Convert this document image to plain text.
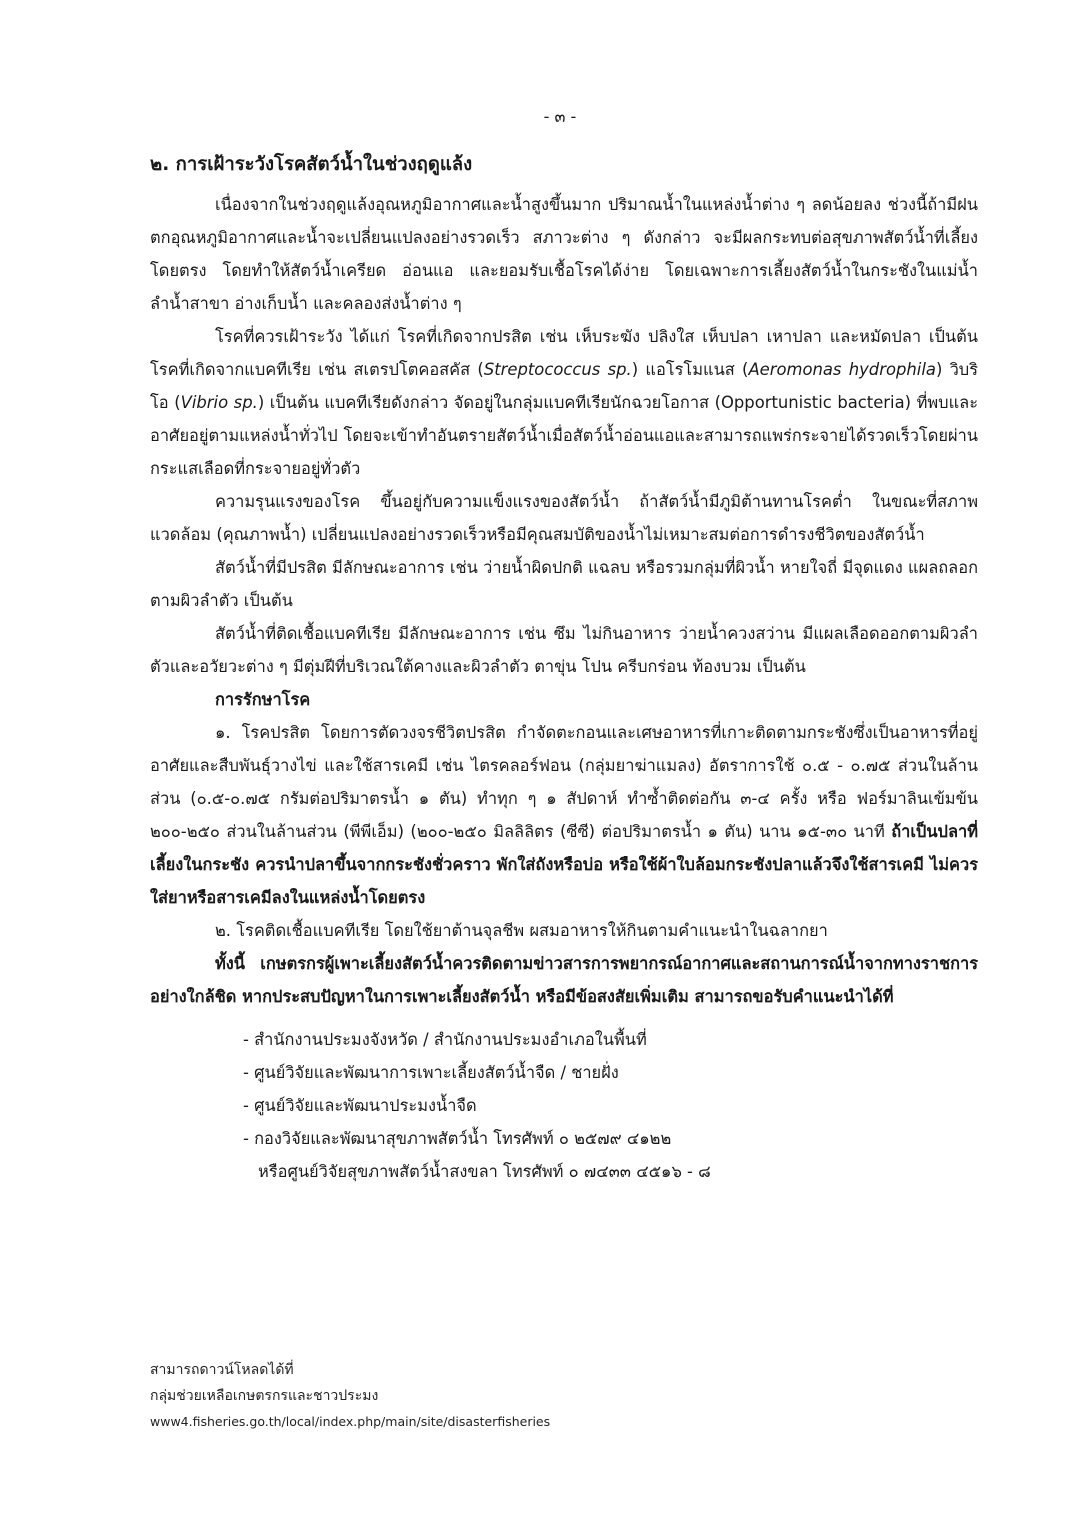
- ๓ -
๒. การเฝ้าระวังโรคสัตว์น้ำในช่วงฤดูแล้ง

เนื่องจากในช่วงฤดูแล้งอุณหภูมิอากาศและน้ำสูงขึ้นมาก ปริมาณน้ำในแหล่งน้ำต่าง ๆ ลดน้อยลง ช่วงนี้ถ้ามีฝนตกอุณหภูมิอากาศและน้ำจะเปลี่ยนแปลงอย่างรวดเร็ว สภาวะต่าง ๆ ดังกล่าว จะมีผลกระทบต่อสุขภาพสัตว์น้ำที่เลี้ยงโดยตรง โดยทำให้สัตว์น้ำเครียด อ่อนแอ และยอมรับเชื้อโรคได้ง่าย โดยเฉพาะการเลี้ยงสัตว์น้ำในกระชังในแม่น้ำ ลำน้ำสาขา อ่างเก็บน้ำ และคลองส่งน้ำต่าง ๆ

โรคที่ควรเฝ้าระวัง ได้แก่ โรคที่เกิดจากปรสิต เช่น เห็บระฆัง ปลิงใส เห็บปลา เหาปลา และหมัดปลา เป็นต้น โรคที่เกิดจากแบคทีเรีย เช่น สเตรปโตคอสคัส (Streptococcus sp.) แอโรโมแนส (Aeromonas hydrophila) วิบริโอ (Vibrio sp.) เป็นต้น แบคทีเรียดังกล่าว จัดอยู่ในกลุ่มแบคทีเรียนักฉวยโอกาส (Opportunistic bacteria) ที่พบและอาศัยอยู่ตามแหล่งน้ำทั่วไป โดยจะเข้าทำอันตรายสัตว์น้ำเมื่อสัตว์น้ำอ่อนแอและสามารถแพร่กระจายได้รวดเร็วโดยผ่านกระแสเลือดที่กระจายอยู่ทั่วตัว

ความรุนแรงของโรค ขึ้นอยู่กับความแข็งแรงของสัตว์น้ำ ถ้าสัตว์น้ำมีภูมิต้านทานโรคต่ำ ในขณะที่สภาพแวดล้อม (คุณภาพน้ำ) เปลี่ยนแปลงอย่างรวดเร็วหรือมีคุณสมบัติของน้ำไม่เหมาะสมต่อการดำรงชีวิตของสัตว์น้ำ

สัตว์น้ำที่มีปรสิต มีลักษณะอาการ เช่น ว่ายน้ำผิดปกติ แฉลบ หรือรวมกลุ่มที่ผิวน้ำ หายใจถี่ มีจุดแดง แผลถลอกตามผิวลำตัว เป็นต้น

สัตว์น้ำที่ติดเชื้อแบคทีเรีย มีลักษณะอาการ เช่น ซึม ไม่กินอาหาร ว่ายน้ำควงสว่าน มีแผลเลือดออกตามผิวลำตัวและอวัยวะต่าง ๆ มีตุ่มฝีที่บริเวณใต้คางและผิวลำตัว ตาขุ่น โปน ครีบกร่อน ท้องบวม เป็นต้น

การรักษาโรค

๑. โรคปรสิต โดยการตัดวงจรชีวิตปรสิต กำจัดตะกอนและเศษอาหารที่เกาะติดตามกระชังซึ่งเป็นอาหารที่อยู่อาศัยและสืบพันธุ์วางไข่ และใช้สารเคมี เช่น ไตรคลอร์ฟอน (กลุ่มยาฆ่าแมลง) อัตราการใช้ ๐.๕ - ๐.๗๕ ส่วนในล้านส่วน (๐.๕-๐.๗๕ กรัมต่อปริมาตรน้ำ ๑ ตัน) ทำทุก ๆ ๑ สัปดาห์ ทำซ้ำติดต่อกัน ๓-๔ ครั้ง หรือ ฟอร์มาลินเข้มข้น ๒๐๐-๒๕๐ ส่วนในล้านส่วน (พีพีเอ็ม) (๒๐๐-๒๕๐ มิลลิลิตร (ซีซี) ต่อปริมาตรน้ำ ๑ ตัน) นาน ๑๕-๓๐ นาที ถ้าเป็นปลาที่เลี้ยงในกระชัง ควรนำปลาขึ้นจากกระชังชั่วคราว พักใส่ถังหรือบ่อ หรือใช้ผ้าใบล้อมกระชังปลาแล้วจึงใช้สารเคมี ไม่ควรใส่ยาหรือสารเคมีลงในแหล่งน้ำโดยตรง

๒. โรคติดเชื้อแบคทีเรีย โดยใช้ยาต้านจุลชีพ ผสมอาหารให้กินตามคำแนะนำในฉลากยา

ทั้งนี้ เกษตรกรผู้เพาะเลี้ยงสัตว์น้ำควรติดตามข่าวสารการพยากรณ์อากาศและสถานการณ์น้ำจากทางราชการอย่างใกล้ชิด หากประสบปัญหาในการเพาะเลี้ยงสัตว์น้ำ หรือมีข้อสงสัยเพิ่มเติม สามารถขอรับคำแนะนำได้ที่

- สำนักงานประมงจังหวัด / สำนักงานประมงอำเภอในพื้นที่
- ศูนย์วิจัยและพัฒนาการเพาะเลี้ยงสัตว์น้ำจืด / ชายฝั่ง
- ศูนย์วิจัยและพัฒนาประมงน้ำจืด
- กองวิจัยและพัฒนาสุขภาพสัตว์น้ำ โทรศัพท์ ๐ ๒๕๗๙ ๔๑๒๒
หรือศูนย์วิจัยสุขภาพสัตว์น้ำสงขลา โทรศัพท์ ๐ ๗๔๓๓ ๔๕๑๖ - ๘
สามารถดาวน์โหลดได้ที่
กลุ่มช่วยเหลือเกษตรกรและชาวประมง
www4.fisheries.go.th/local/index.php/main/site/disasterfisheries
